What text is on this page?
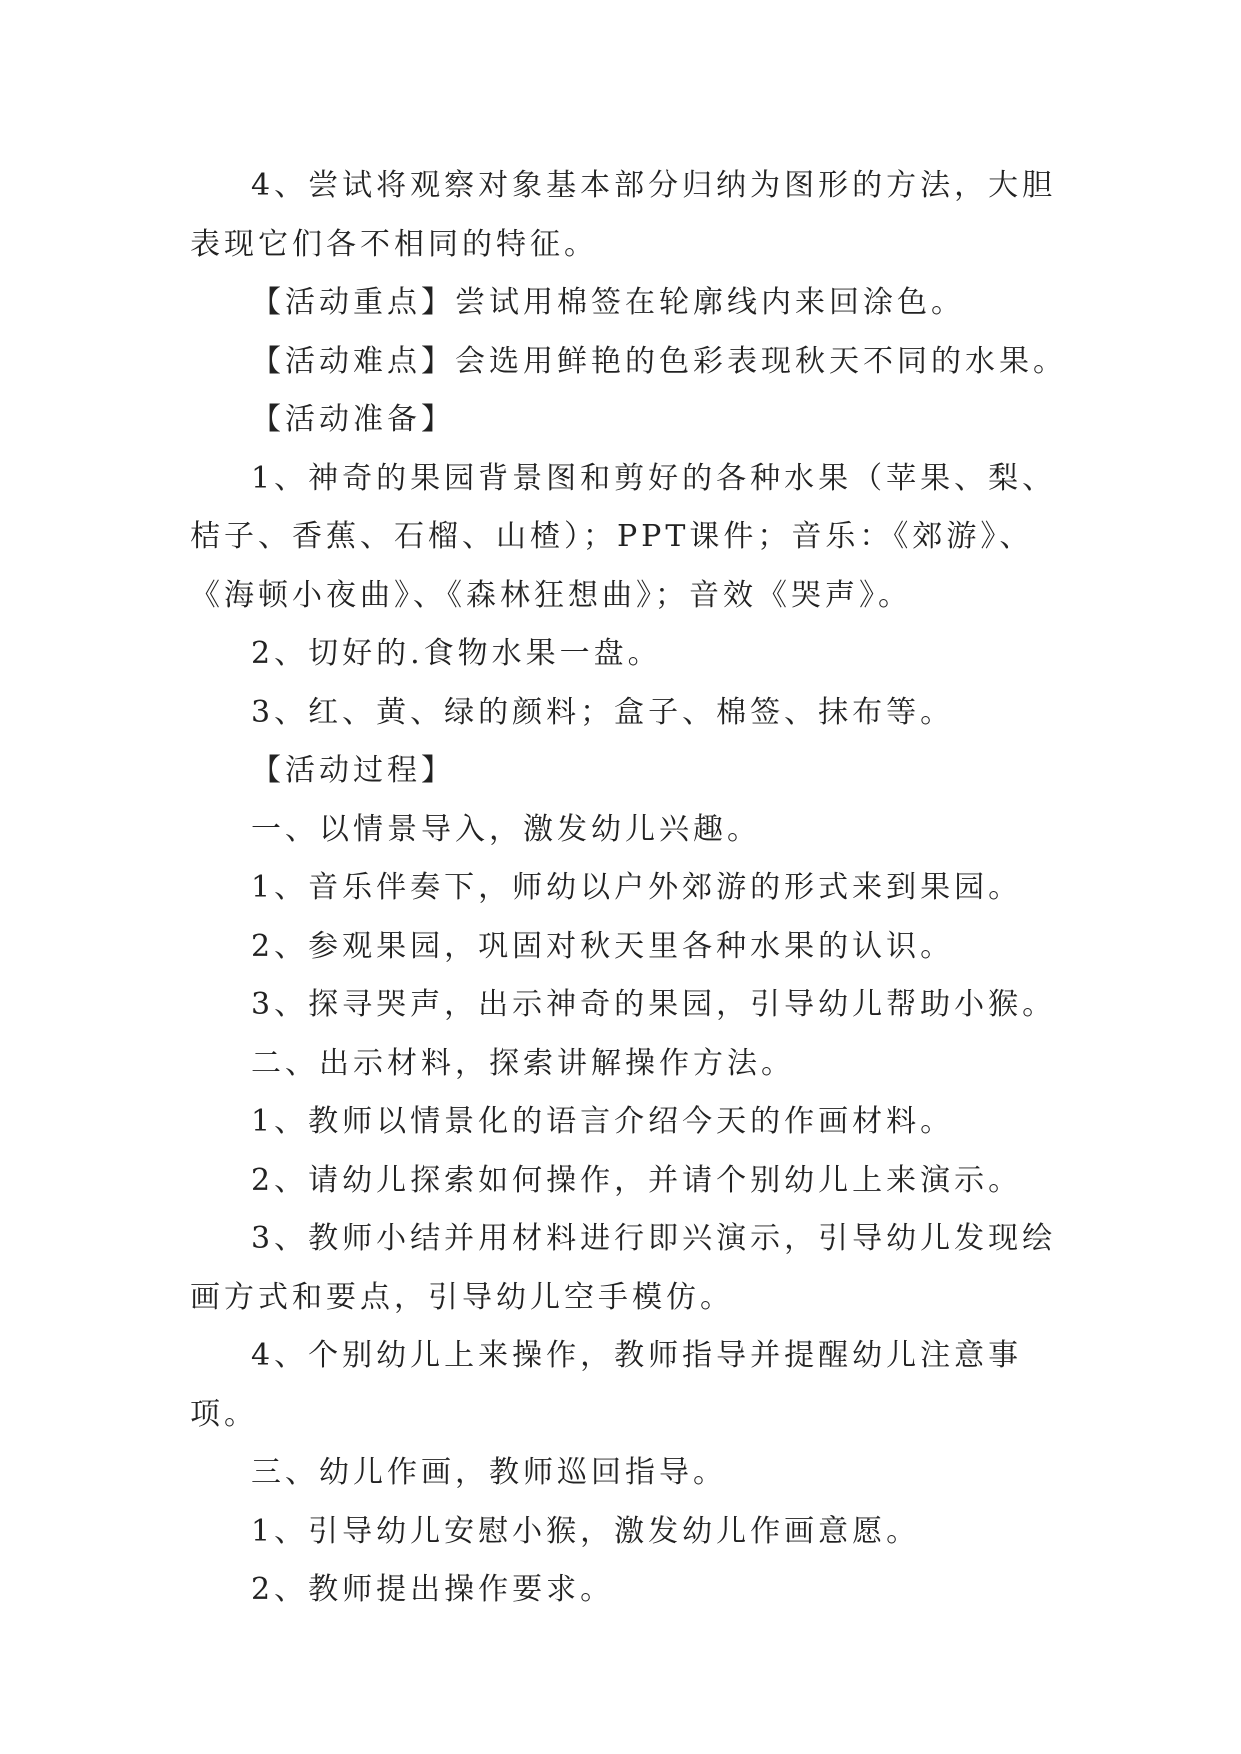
4、尝试将观察对象基本部分归纳为图形的方法，大胆表现它们各不相同的特征。

【活动重点】尝试用棉签在轮廓线内来回涂色。

【活动难点】会选用鲜艳的色彩表现秋天不同的水果。

【活动准备】

1、神奇的果园背景图和剪好的各种水果（苹果、梨、桔子、香蕉、石榴、山楂）；PPT课件；音乐：《郊游》、《海顿小夜曲》、《森林狂想曲》；音效《哭声》。

2、切好的.食物水果一盘。

3、红、黄、绿的颜料；盒子、棉签、抹布等。

【活动过程】

一、以情景导入，激发幼儿兴趣。

1、音乐伴奏下，师幼以户外郊游的形式来到果园。

2、参观果园，巩固对秋天里各种水果的认识。

3、探寻哭声，出示神奇的果园，引导幼儿帮助小猴。

二、出示材料，探索讲解操作方法。

1、教师以情景化的语言介绍今天的作画材料。

2、请幼儿探索如何操作，并请个别幼儿上来演示。

3、教师小结并用材料进行即兴演示，引导幼儿发现绘画方式和要点，引导幼儿空手模仿。

4、个别幼儿上来操作，教师指导并提醒幼儿注意事项。

三、幼儿作画，教师巡回指导。

1、引导幼儿安慰小猴，激发幼儿作画意愿。

2、教师提出操作要求。
